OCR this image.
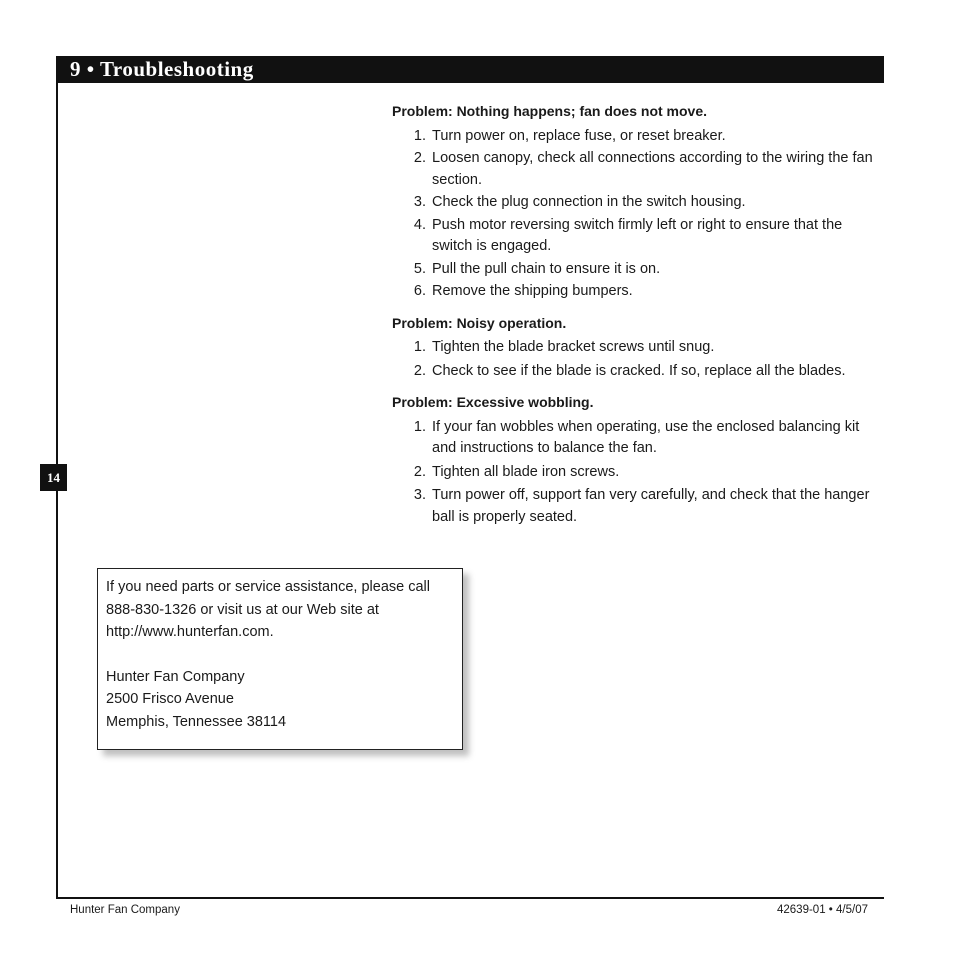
9 • Troubleshooting
14
Problem: Nothing happens; fan does not move.
1. Turn power on, replace fuse, or reset breaker.
2. Loosen canopy, check all connections according to the wiring the fan section.
3. Check the plug connection in the switch housing.
4. Push motor reversing switch firmly left or right to ensure that the switch is engaged.
5. Pull the pull chain to ensure it is on.
6. Remove the shipping bumpers.
Problem: Noisy operation.
1. Tighten the blade bracket screws until snug.
2. Check to see if the blade is cracked. If so, replace all the blades.
Problem: Excessive wobbling.
1. If your fan wobbles when operating, use the enclosed balancing kit and instructions to balance the fan.
2. Tighten all blade iron screws.
3. Turn power off, support fan very carefully, and check that the hanger ball is properly seated.

If you need parts or service assistance, please call

888-830-1326 or visit us at our Web site at

http://www.hunterfan.com.

Hunter Fan Company

2500 Frisco Avenue

Memphis, Tennessee 38114

Hunter Fan Company	42639-01 • 4/5/07
